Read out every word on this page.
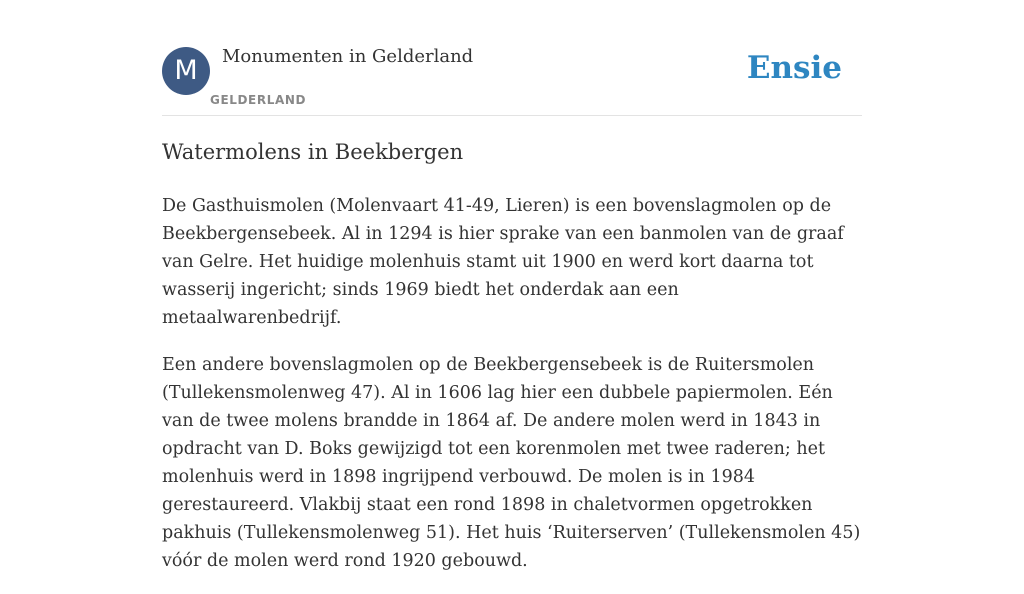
M	Monumenten in Gelderland
GELDERLAND
Ensie
Watermolens in Beekbergen

De Gasthuismolen (Molenvaart 41-49, Lieren) is een bovenslagmolen op de Beekbergensebeek. Al in 1294 is hier sprake van een banmolen van de graaf van Gelre. Het huidige molenhuis stamt uit 1900 en werd kort daarna tot wasserij ingericht; sinds 1969 biedt het onderdak aan een metaalwarenbedrijf.

Een andere bovenslagmolen op de Beekbergensebeek is de Ruitersmolen (Tullekensmolenweg 47). Al in 1606 lag hier een dubbele papiermolen. Eén van de twee molens brandde in 1864 af. De andere molen werd in 1843 in opdracht van D. Boks gewijzigd tot een korenmolen met twee raderen; het molenhuis werd in 1898 ingrijpend verbouwd. De molen is in 1984 gerestaureerd. Vlakbij staat een rond 1898 in chaletvormen opgetrokken pakhuis (Tullekensmolenweg 51). Het huis ‘Ruiterserven’ (Tullekensmolen 45) vóór de molen werd rond 1920 gebouwd.
